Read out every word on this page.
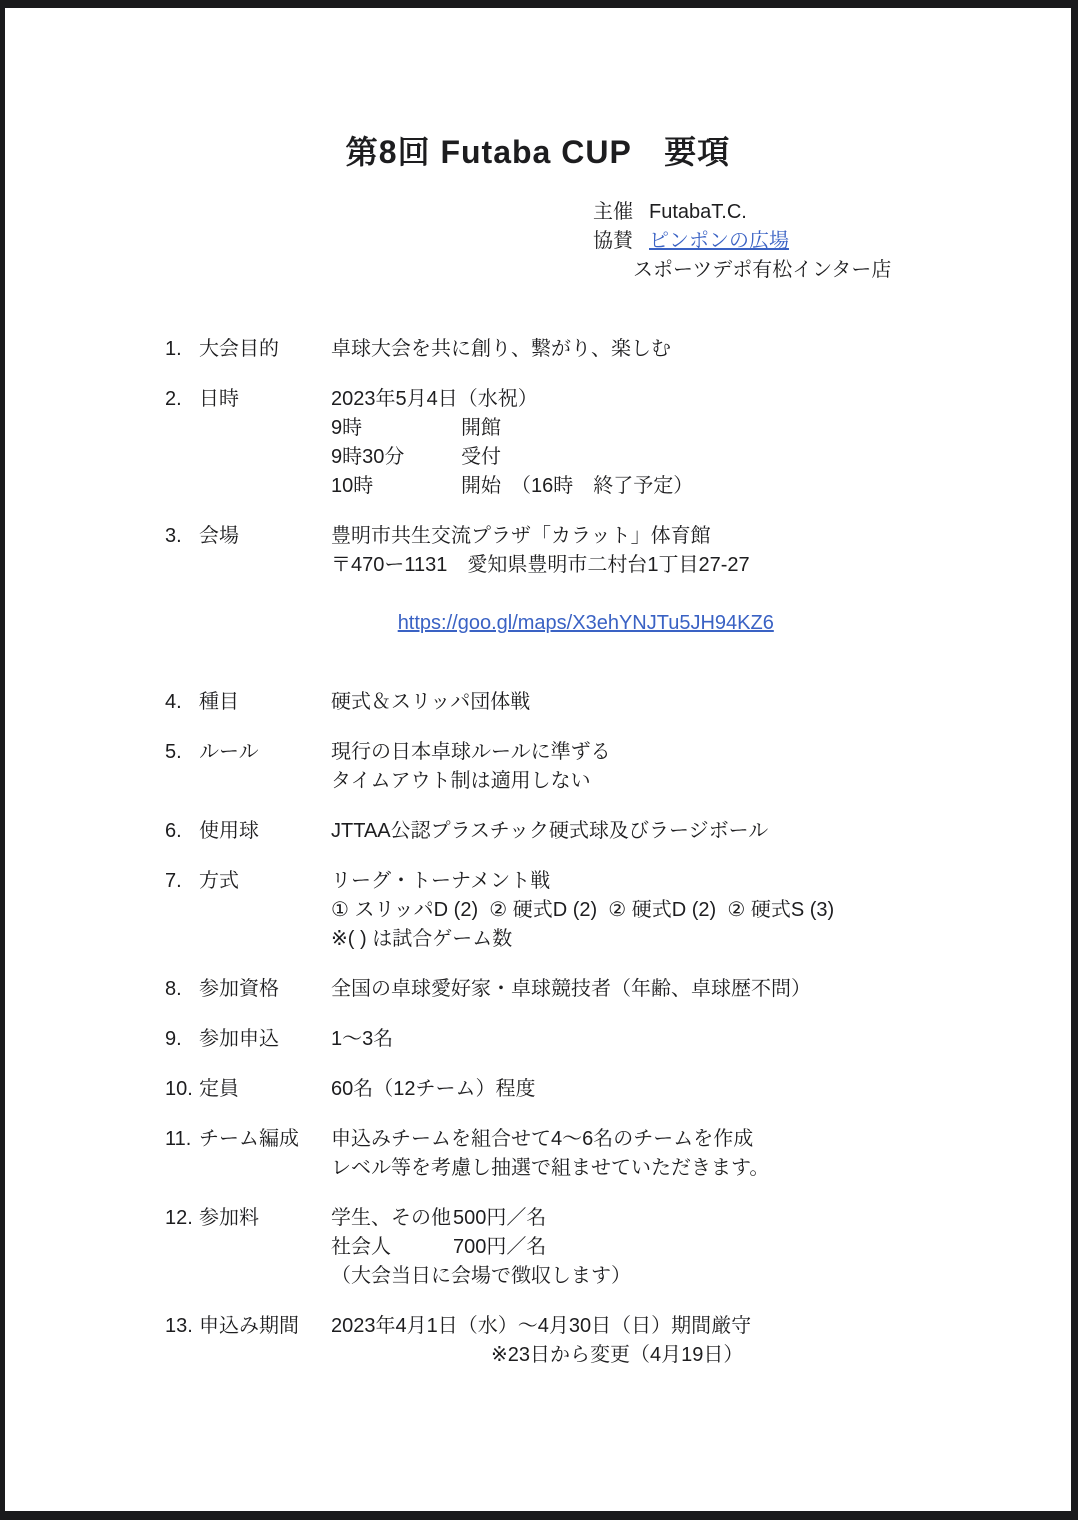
第8回 Futaba CUP　要項
主催 FutabaT.C.
協賛 ピンポンの広場
スポーツデポ有松インター店
1. 大会目的	卓球大会を共に創り、繋がり、楽しむ
2. 日時	2023年5月4日（水祝）
9時	開館
9時30分	受付
10時	開始　（16時　終了予定）
3. 会場	豊明市共生交流プラザ「カラット」体育館
〒470ー1131　愛知県豊明市二村台1丁目27-27

https://goo.gl/maps/X3ehYNJTu5JH94KZ6

4. 種目	硬式＆スリッパ団体戦
5. ルール	現行の日本卓球ルールに準ずる
タイムアウト制は適用しない
6. 使用球	JTTAA公認プラスチック硬式球及びラージボール
7. 方式	リーグ・トーナメント戦
① スリッパD (2)  ② 硬式D (2)  ② 硬式D (2)  ② 硬式S (3)
※( ) は試合ゲーム数
8. 参加資格	全国の卓球愛好家・卓球競技者（年齢、卓球歴不問）
9. 参加申込	1～3名
10. 定員	60名（12チーム）程度
11. チーム編成	申込みチームを組合せて4～6名のチームを作成
レベル等を考慮し抽選で組ませていただきます。
12. 参加料	学生、その他 500円／名
社会人	700円／名
（大会当日に会場で徴収します）
13. 申込み期間	2023年4月1日（水）～4月30日（日）期間厳守
※23日から変更（4月19日）
